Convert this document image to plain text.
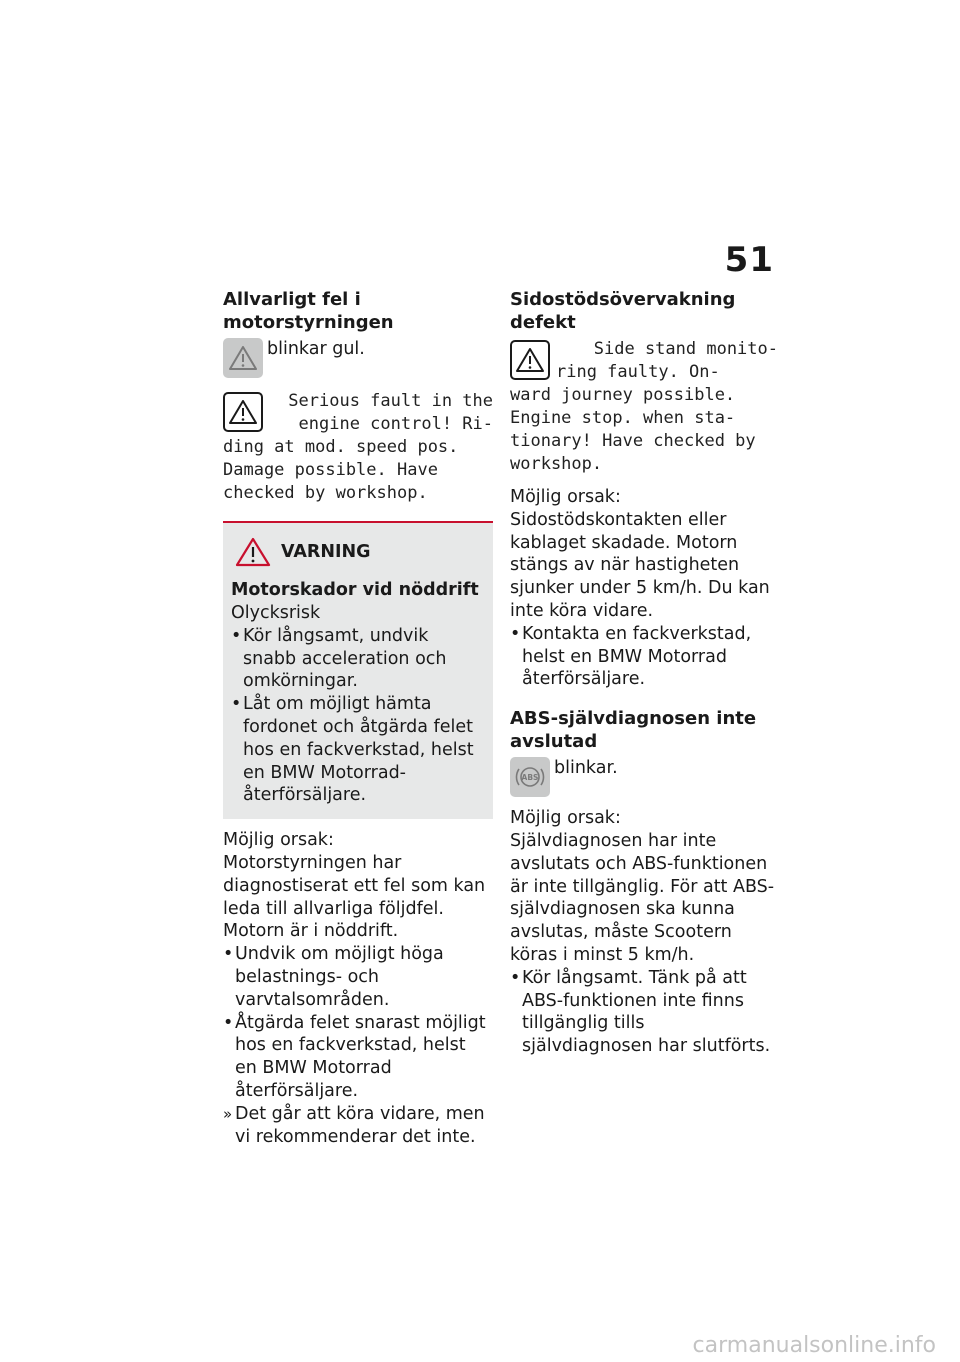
51
Allvarligt fel i motorstyrningen
blinkar gul.
Serious fault in the
engine control! Ri-
ding at mod. speed pos.
Damage possible. Have
checked by workshop.
VARNING
Motorskador vid nöddrift
Olycksrisk
• Kör långsamt, undvik snabb acceleration och omkörningar.
• Låt om möjligt hämta fordonet och åtgärda felet hos en fackverkstad, helst en BMW Motorrad-återförsäljare.
Möjlig orsak:
Motorstyrningen har diagnostiserat ett fel som kan leda till allvarliga följdfel. Motorn är i nöddrift.
• Undvik om möjligt höga belastnings- och varvtalsområden.
• Åtgärda felet snarast möjligt hos en fackverkstad, helst en BMW Motorrad återförsäljare.
» Det går att köra vidare, men vi rekommenderar det inte.
Sidostödsövervakning defekt
Side stand monito-
ring faulty. On-
ward journey possible.
Engine stop. when sta-
tionary! Have checked by
workshop.
Möjlig orsak:
Sidostödskontakten eller kablaget skadade. Motorn stängs av när hastigheten sjunker under 5 km/h. Du kan inte köra vidare.
• Kontakta en fackverkstad, helst en BMW Motorrad återförsäljare.
ABS-självdiagnosen inte avslutad
ABS blinkar.
Möjlig orsak:
Självdiagnosen har inte avslutats och ABS-funktionen är inte tillgänglig. För att ABS-självdiagnosen ska kunna avslutas, måste Scootern köras i minst 5 km/h.
• Kör långsamt. Tänk på att ABS-funktionen inte finns tillgänglig tills självdiagnosen har slutförts.
carmanualsonline.info
